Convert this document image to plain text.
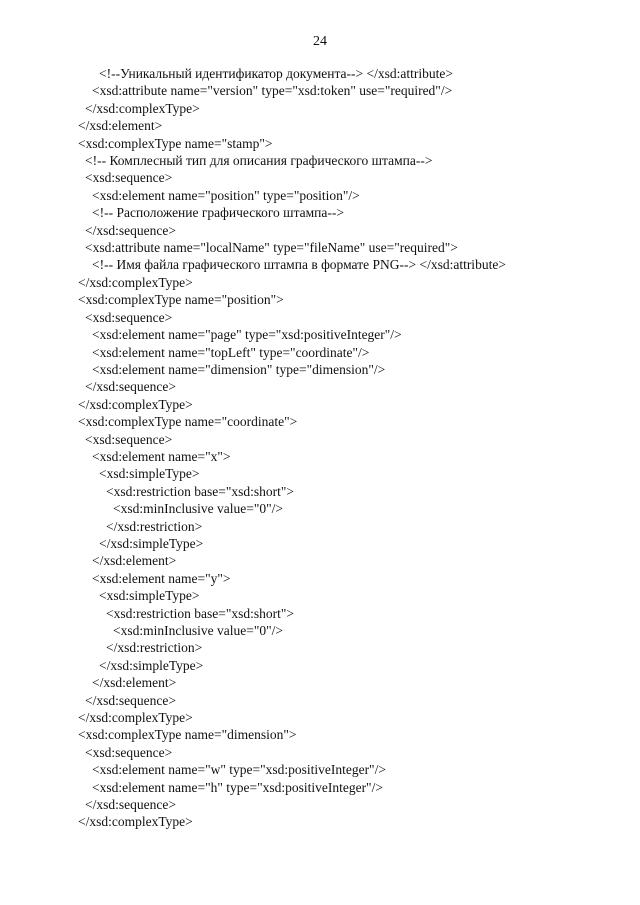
24
<!--Уникальный идентификатор документа--> </xsd:attribute>
<xsd:attribute name="version" type="xsd:token" use="required"/>
</xsd:complexType>
</xsd:element>
<xsd:complexType name="stamp">
<!-- Комплесный тип для описания графического штампа-->
<xsd:sequence>
<xsd:element name="position" type="position"/>
<!-- Расположение графического штампа-->
</xsd:sequence>
<xsd:attribute name="localName" type="fileName" use="required">
<!-- Имя файла графического штампа в формате PNG--> </xsd:attribute>
</xsd:complexType>
<xsd:complexType name="position">
<xsd:sequence>
<xsd:element name="page" type="xsd:positiveInteger"/>
<xsd:element name="topLeft" type="coordinate"/>
<xsd:element name="dimension" type="dimension"/>
</xsd:sequence>
</xsd:complexType>
<xsd:complexType name="coordinate">
<xsd:sequence>
<xsd:element name="x">
<xsd:simpleType>
<xsd:restriction base="xsd:short">
<xsd:minInclusive value="0"/>
</xsd:restriction>
</xsd:simpleType>
</xsd:element>
<xsd:element name="y">
<xsd:simpleType>
<xsd:restriction base="xsd:short">
<xsd:minInclusive value="0"/>
</xsd:restriction>
</xsd:simpleType>
</xsd:element>
</xsd:sequence>
</xsd:complexType>
<xsd:complexType name="dimension">
<xsd:sequence>
<xsd:element name="w" type="xsd:positiveInteger"/>
<xsd:element name="h" type="xsd:positiveInteger"/>
</xsd:sequence>
</xsd:complexType>
